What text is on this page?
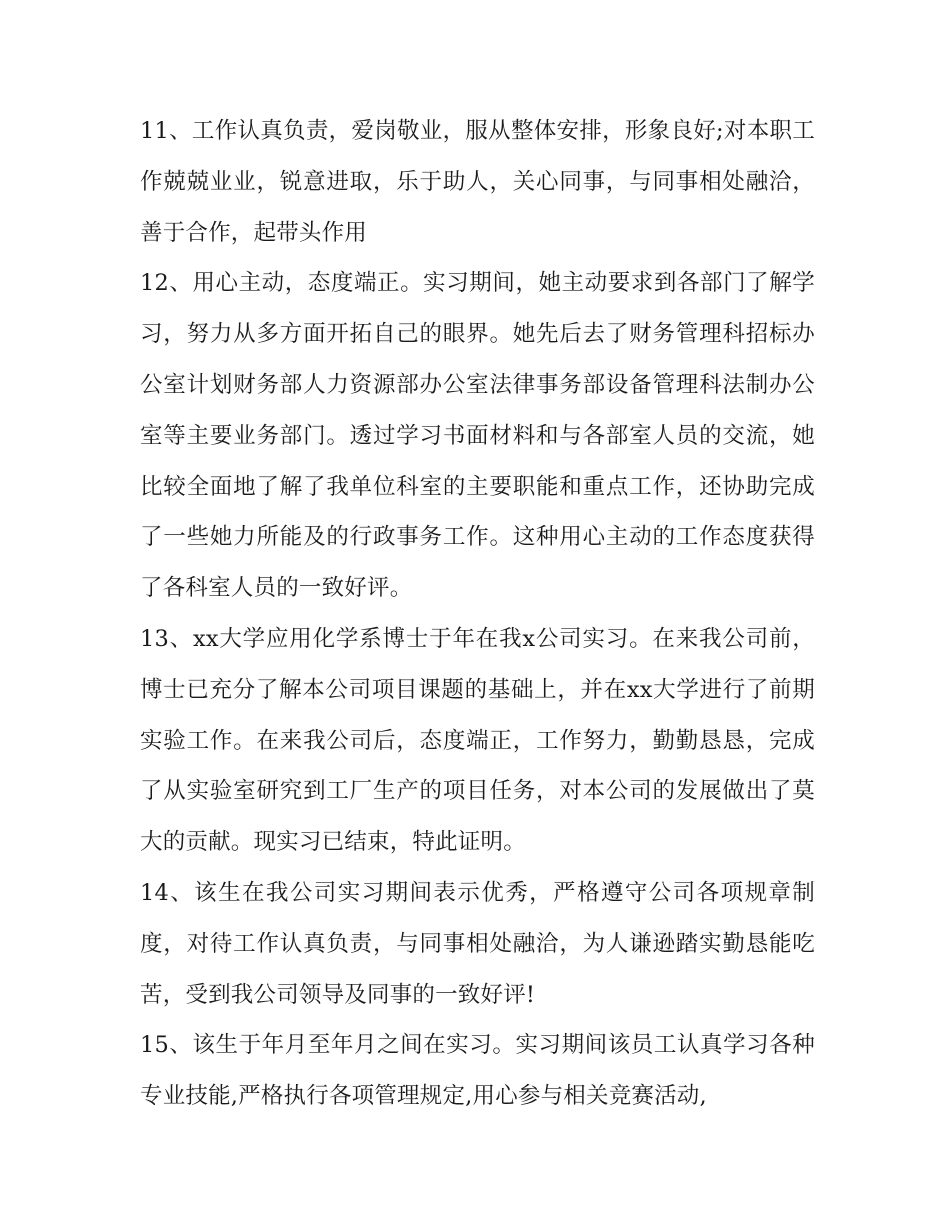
11、工作认真负责，爱岗敬业，服从整体安排，形象良好;对本职工作兢兢业业，锐意进取，乐于助人，关心同事，与同事相处融洽，善于合作，起带头作用

12、用心主动，态度端正。实习期间，她主动要求到各部门了解学习，努力从多方面开拓自己的眼界。她先后去了财务管理科招标办公室计划财务部人力资源部办公室法律事务部设备管理科法制办公室等主要业务部门。透过学习书面材料和与各部室人员的交流，她比较全面地了解了我单位科室的主要职能和重点工作，还协助完成了一些她力所能及的行政事务工作。这种用心主动的工作态度获得了各科室人员的一致好评。

13、xx大学应用化学系博士于年在我x公司实习。在来我公司前，博士已充分了解本公司项目课题的基础上，并在xx大学进行了前期实验工作。在来我公司后，态度端正，工作努力，勤勤恳恳，完成了从实验室研究到工厂生产的项目任务，对本公司的发展做出了莫大的贡献。现实习已结束，特此证明。

14、该生在我公司实习期间表示优秀，严格遵守公司各项规章制度，对待工作认真负责，与同事相处融洽，为人谦逊踏实勤恳能吃苦，受到我公司领导及同事的一致好评!

15、该生于年月至年月之间在实习。实习期间该员工认真学习各种专业技能,严格执行各项管理规定,用心参与相关竞赛活动,
